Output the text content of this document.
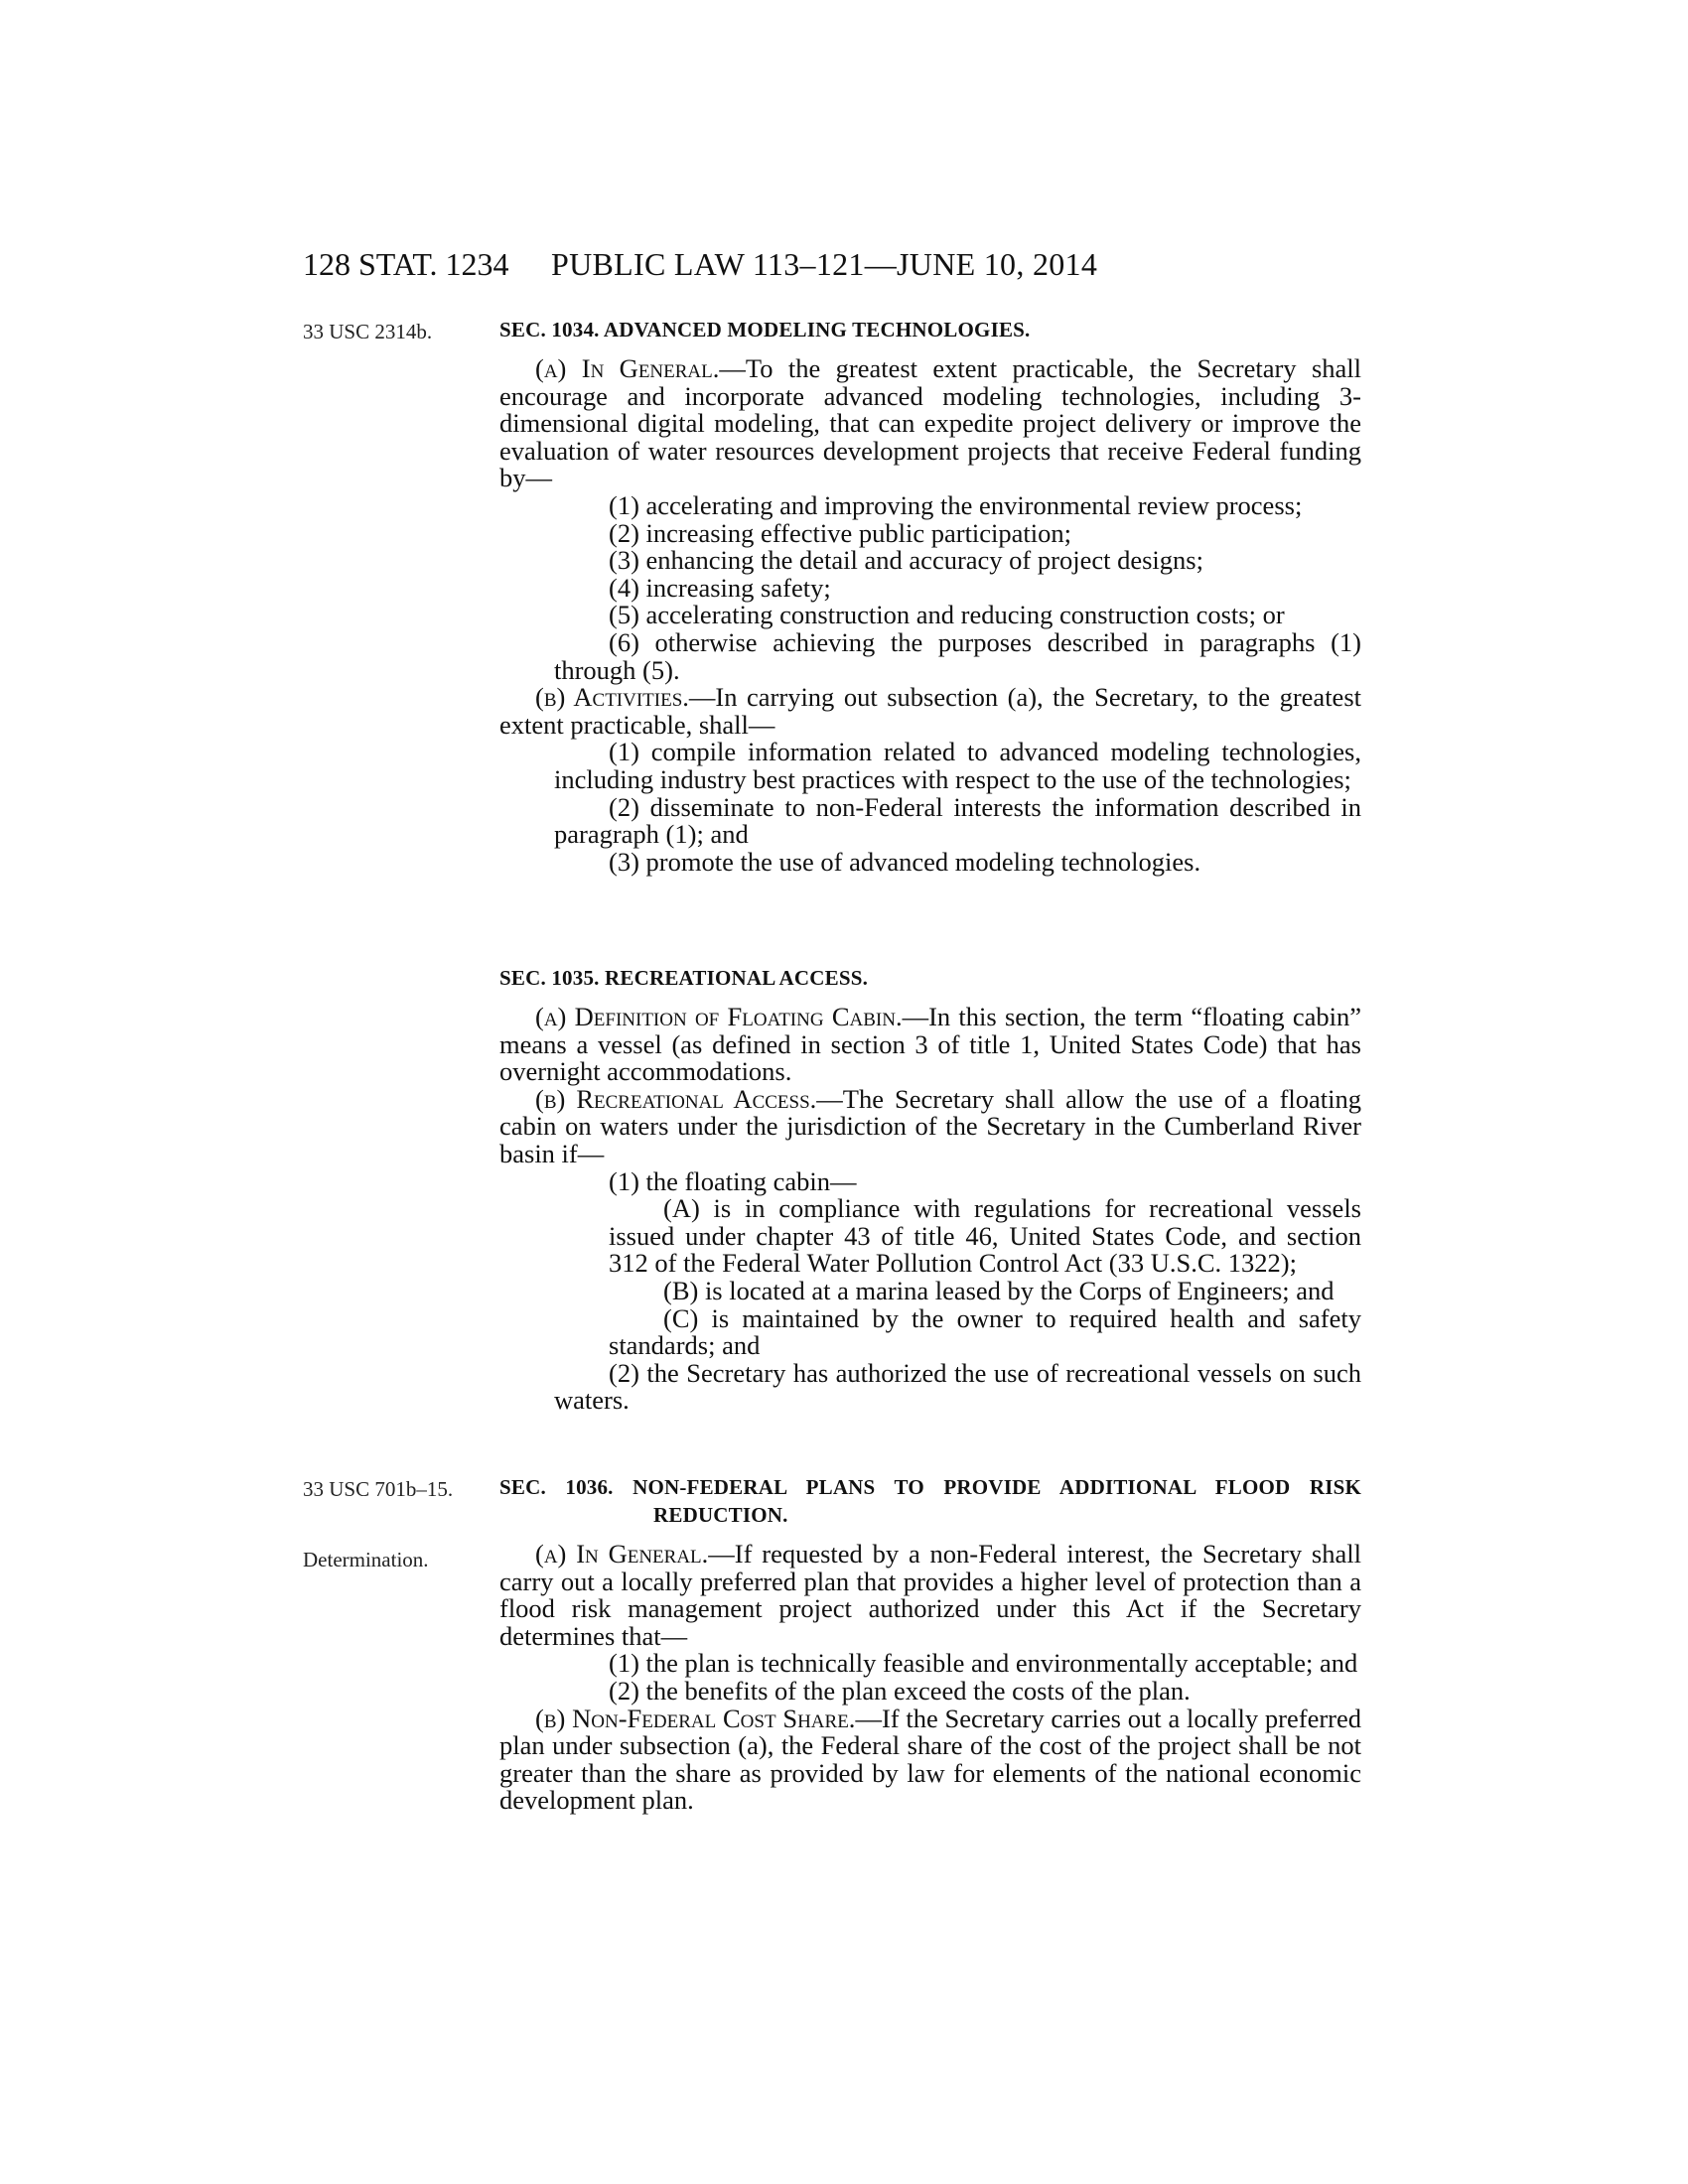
128 STAT. 1234 PUBLIC LAW 113–121—JUNE 10, 2014
33 USC 2314b.
33 USC 701b–15.
Determination.

SEC. 1034. ADVANCED MODELING TECHNOLOGIES.

(a) In General.—To the greatest extent practicable, the Secretary shall encourage and incorporate advanced modeling technologies, including 3-dimensional digital modeling, that can expedite project delivery or improve the evaluation of water resources development projects that receive Federal funding by—

(1) accelerating and improving the environmental review process;

(2) increasing effective public participation;

(3) enhancing the detail and accuracy of project designs;

(4) increasing safety;

(5) accelerating construction and reducing construction costs; or

(6) otherwise achieving the purposes described in paragraphs (1) through (5).

(b) Activities.—In carrying out subsection (a), the Secretary, to the greatest extent practicable, shall—

(1) compile information related to advanced modeling technologies, including industry best practices with respect to the use of the technologies;

(2) disseminate to non-Federal interests the information described in paragraph (1); and

(3) promote the use of advanced modeling technologies.

SEC. 1035. RECREATIONAL ACCESS.

(a) Definition of Floating Cabin.—In this section, the term “floating cabin” means a vessel (as defined in section 3 of title 1, United States Code) that has overnight accommodations.

(b) Recreational Access.—The Secretary shall allow the use of a floating cabin on waters under the jurisdiction of the Secretary in the Cumberland River basin if—

(1) the floating cabin—

(A) is in compliance with regulations for recreational vessels issued under chapter 43 of title 46, United States Code, and section 312 of the Federal Water Pollution Control Act (33 U.S.C. 1322);

(B) is located at a marina leased by the Corps of Engineers; and

(C) is maintained by the owner to required health and safety standards; and

(2) the Secretary has authorized the use of recreational vessels on such waters.

SEC. 1036. NON-FEDERAL PLANS TO PROVIDE ADDITIONAL FLOOD RISK REDUCTION.

(a) In General.—If requested by a non-Federal interest, the Secretary shall carry out a locally preferred plan that provides a higher level of protection than a flood risk management project authorized under this Act if the Secretary determines that—

(1) the plan is technically feasible and environmentally acceptable; and

(2) the benefits of the plan exceed the costs of the plan.

(b) Non-Federal Cost Share.—If the Secretary carries out a locally preferred plan under subsection (a), the Federal share of the cost of the project shall be not greater than the share as provided by law for elements of the national economic development plan.
